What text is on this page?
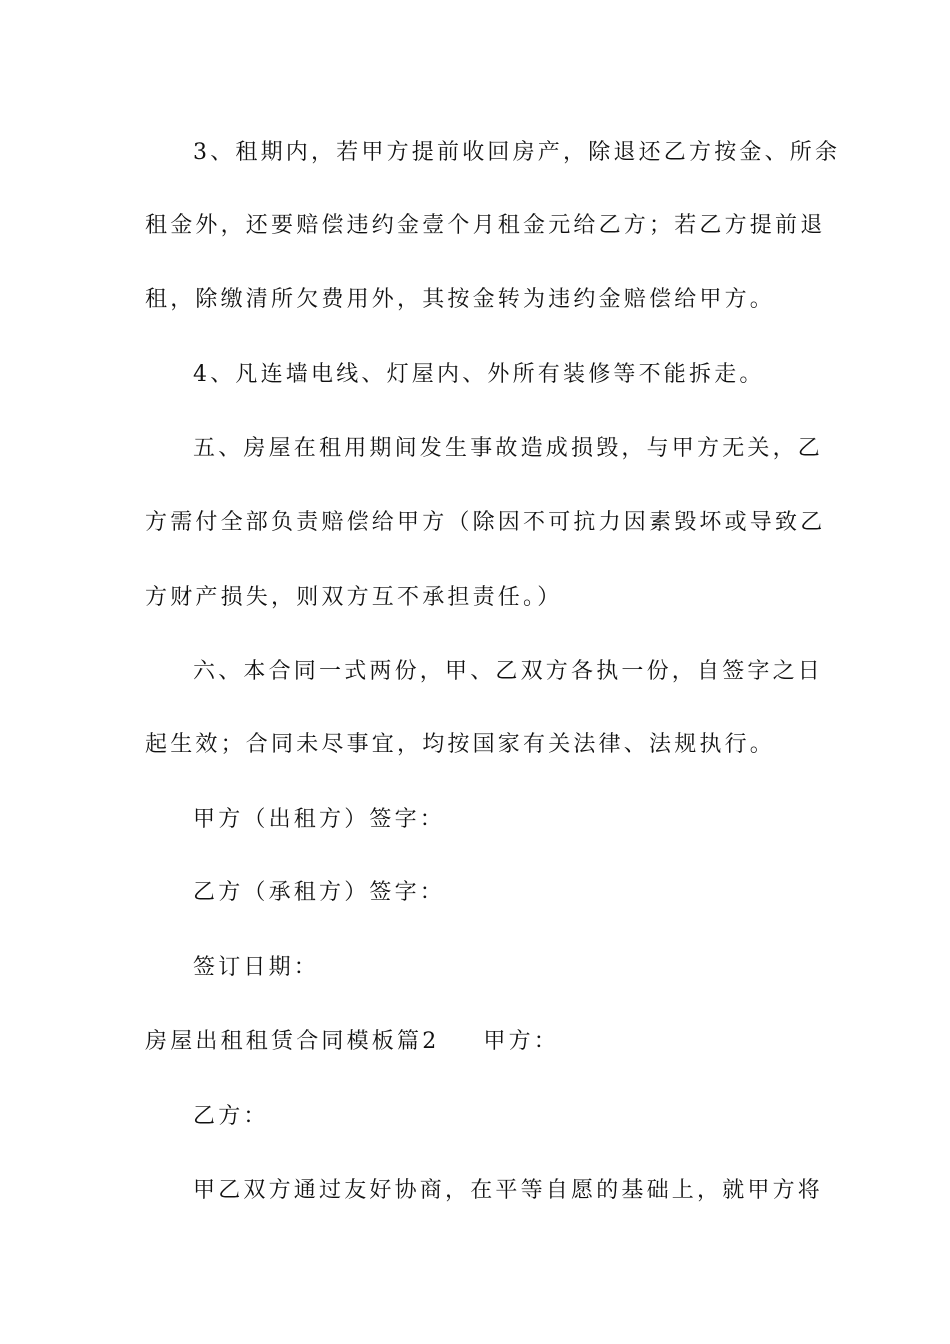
3、租期内，若甲方提前收回房产，除退还乙方按金、所余
租金外，还要赔偿违约金壹个月租金元给乙方；若乙方提前退
租，除缴清所欠费用外，其按金转为违约金赔偿给甲方。
4、凡连墙电线、灯屋内、外所有装修等不能拆走。
五、房屋在租用期间发生事故造成损毁，与甲方无关，乙
方需付全部负责赔偿给甲方（除因不可抗力因素毁坏或导致乙
方财产损失，则双方互不承担责任。）
六、本合同一式两份，甲、乙双方各执一份，自签字之日
起生效；合同未尽事宜，均按国家有关法律、法规执行。
甲方（出租方）签字：
乙方（承租方）签字：
签订日期：
房屋出租租赁合同模板篇2 甲方：
乙方：
甲乙双方通过友好协商，在平等自愿的基础上，就甲方将
